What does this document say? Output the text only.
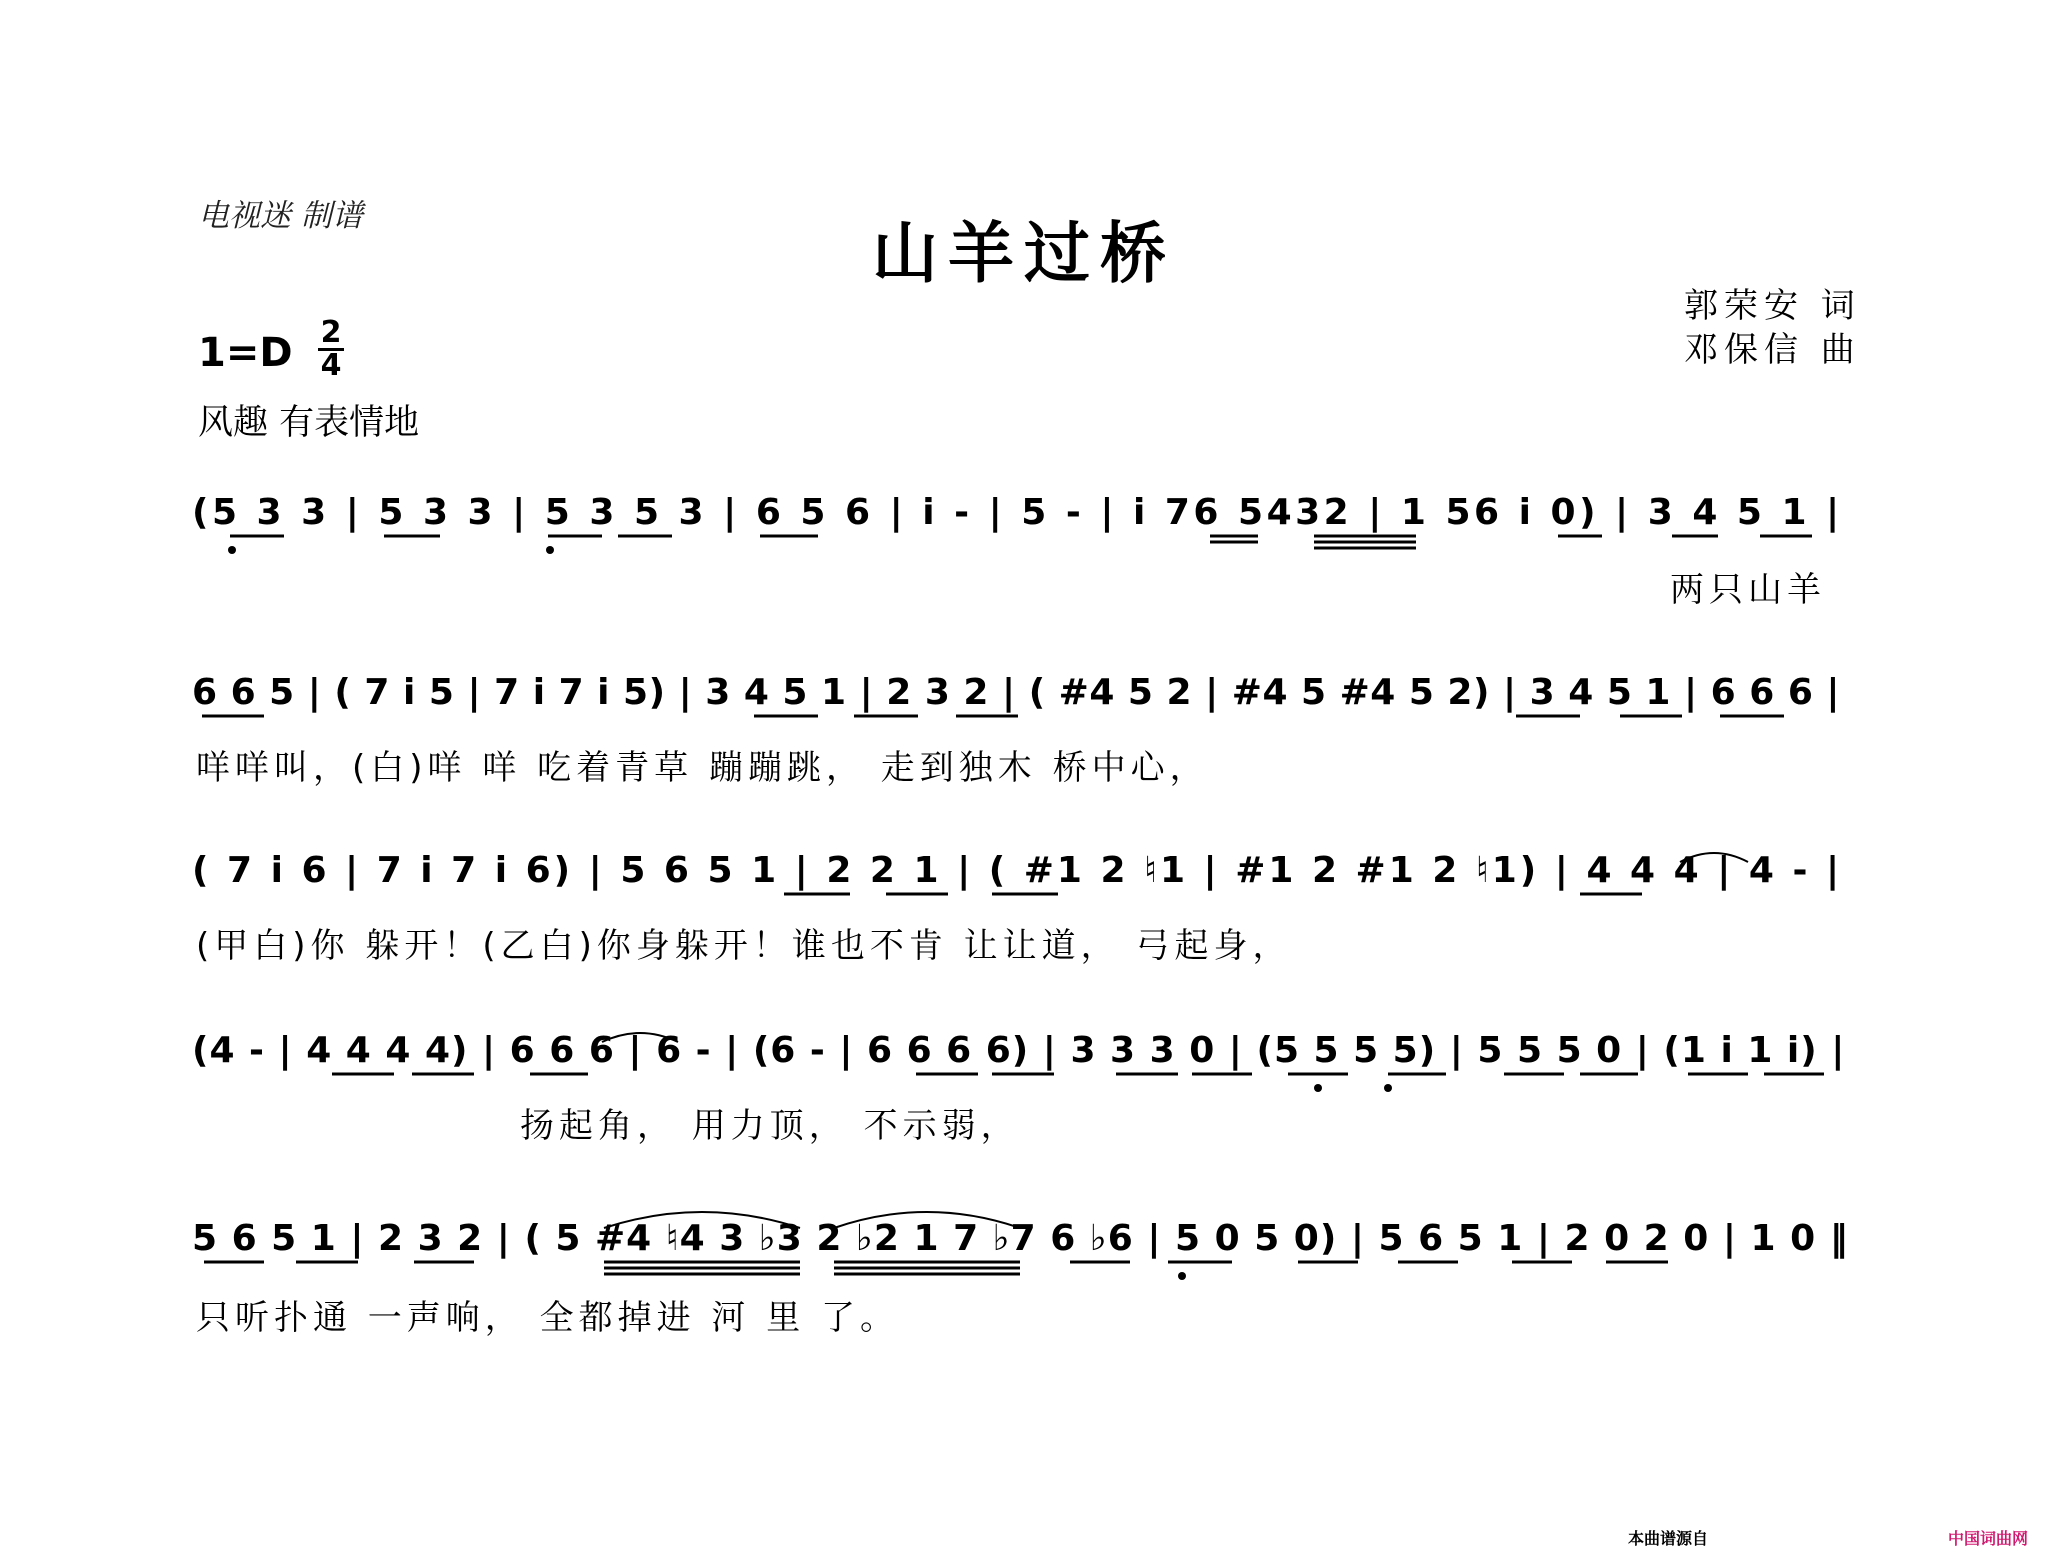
电视迷 制谱	山羊过桥
郭荣安 词
邓保信 曲
1=D 2
4
风趣 有表情地
(5 3 3 | 5 3 3 | 5 3 5 3 | 6 5 6 | i - | 5 - | i 76 5432 | 1 56 i 0) | 3 4 5 1 |
两只山羊
6 6 5 | ( 7 i 5 | 7 i 7 i 5) | 3 4 5 1 | 2 3 2 | ( #4 5 2 | #4 5 #4 5 2) | 3 4 5 1 | 6 6 6 |
咩咩叫，(白)咩 咩 吃着青草 蹦蹦跳， 走到独木 桥中心，
( 7 i 6 | 7 i 7 i 6) | 5 6 5 1 | 2 2 1 | ( #1 2 ♮1 | #1 2 #1 2 ♮1) | 4 4 4 | 4 - |
(甲白)你 躲开！(乙白)你身躲开！谁也不肯 让让道， 弓起身，
(4 - | 4 4 4 4) | 6 6 6 | 6 - | (6 - | 6 6 6 6) | 3 3 3 0 | (5 5 5 5) | 5 5 5 0 | (1 i 1 i) |
扬起角， 用力顶， 不示弱，
5 6 5 1 | 2 3 2 | ( 5 #4 ♮4 3 ♭3 2 ♭2 1 7 ♭7 6 ♭6 | 5 0 5 0) | 5 6 5 1 | 2 0 2 0 | 1 0 ‖
只听扑通 一声响， 全都掉进 河 里 了。
本曲谱源自	中国词曲网
